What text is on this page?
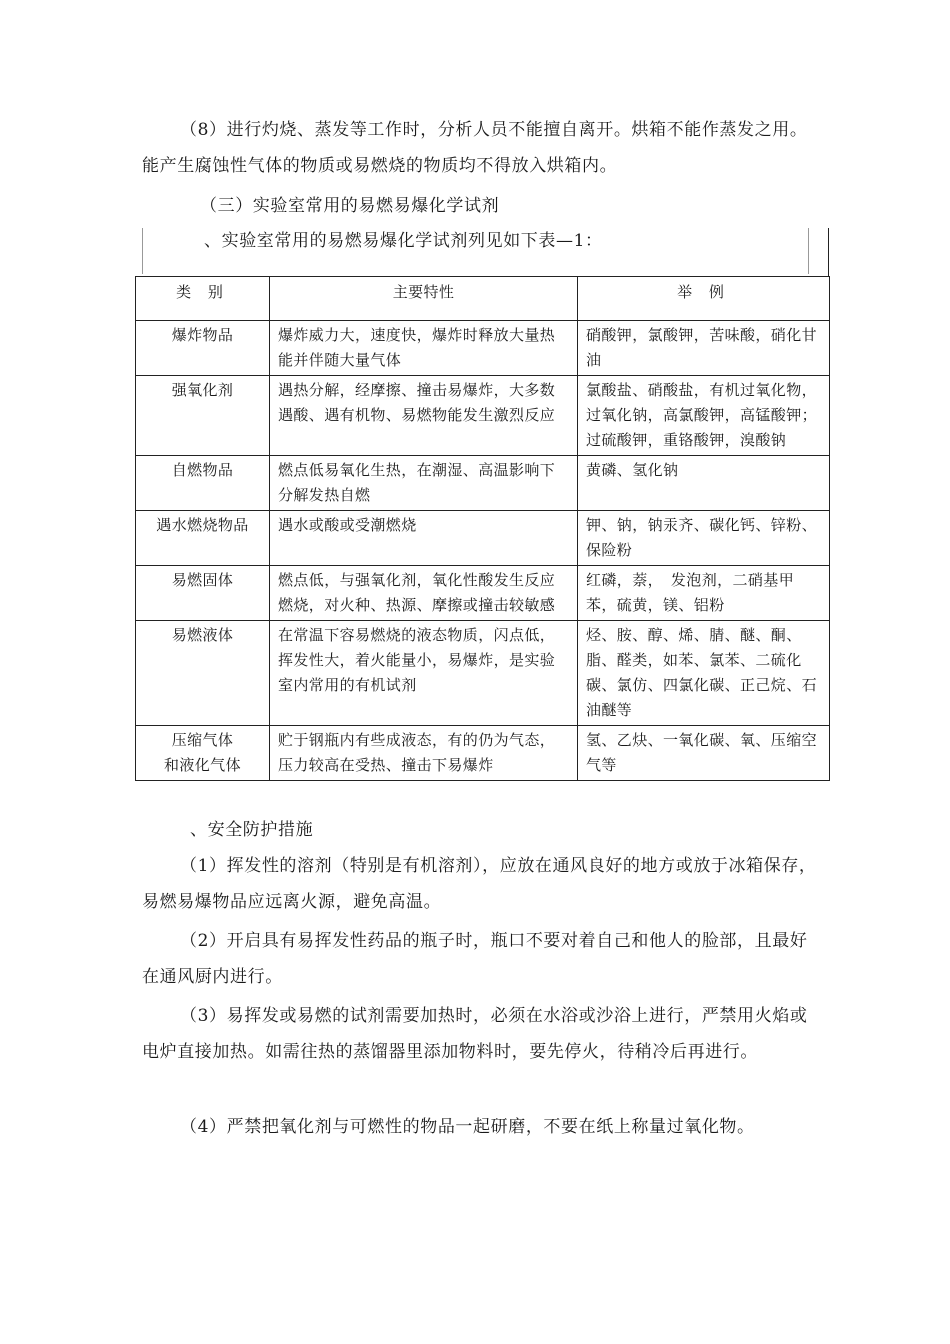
（8）进行灼烧、蒸发等工作时，分析人员不能擅自离开。烘箱不能作蒸发之用。能产生腐蚀性气体的物质或易燃烧的物质均不得放入烘箱内。

（三）实验室常用的易燃易爆化学试剂
、实验室常用的易燃易爆化学试剂列见如下表—1：
类 别	主要特性	举 例
爆炸物品	爆炸威力大，速度快，爆炸时释放大量热能并伴随大量气体	硝酸钾，氯酸钾，苦味酸，硝化甘油
强氧化剂	遇热分解，经摩擦、撞击易爆炸，大多数遇酸、遇有机物、易燃物能发生激烈反应	氯酸盐、硝酸盐，有机过氧化物，过氧化钠，高氯酸钾，高锰酸钾；过硫酸钾，重铬酸钾，溴酸钠
自燃物品	燃点低易氧化生热，在潮湿、高温影响下分解发热自燃	黄磷、氢化钠
遇水燃烧物品	遇水或酸或受潮燃烧	钾、钠，钠汞齐、碳化钙、锌粉、保险粉
易燃固体	燃点低，与强氧化剂，氧化性酸发生反应燃烧，对火种、热源、摩擦或撞击较敏感	红磷，萘，　发泡剂，二硝基甲苯，硫黄，镁、铝粉
易燃液体	在常温下容易燃烧的液态物质，闪点低，挥发性大，着火能量小，易爆炸，是实验室内常用的有机试剂	烃、胺、醇、烯、腈、醚、酮、脂、醛类，如苯、氯苯、二硫化碳、氯仿、四氯化碳、正己烷、石油醚等

压缩气体
和液化气体	贮于钢瓶内有些成液态，有的仍为气态，压力较高在受热、撞击下易爆炸	氢、乙炔、一氧化碳、氧、压缩空气等
、安全防护措施

（1）挥发性的溶剂（特别是有机溶剂），应放在通风良好的地方或放于冰箱保存，易燃易爆物品应远离火源，避免高温。

（2）开启具有易挥发性药品的瓶子时，瓶口不要对着自己和他人的脸部，且最好在通风厨内进行。

（3）易挥发或易燃的试剂需要加热时，必须在水浴或沙浴上进行，严禁用火焰或电炉直接加热。如需往热的蒸馏器里添加物料时，要先停火，待稍冷后再进行。

（4）严禁把氧化剂与可燃性的物品一起研磨，不要在纸上称量过氧化物。
